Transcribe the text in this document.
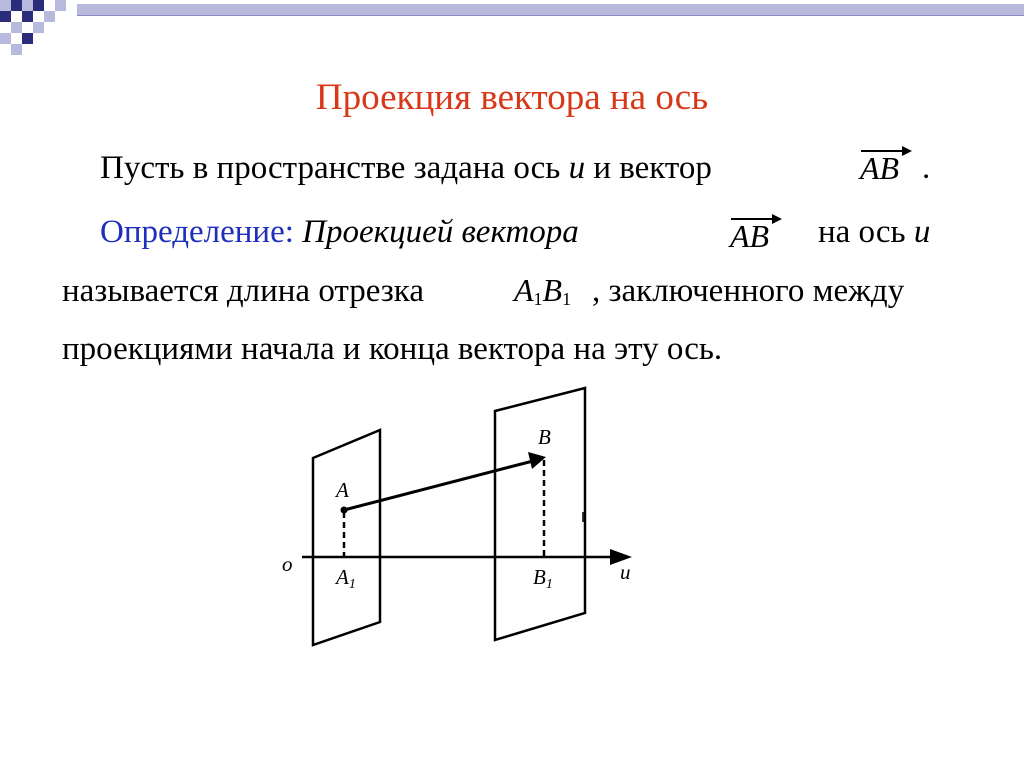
Проекция вектора на ось
Пусть в пространстве задана ось u и вектор	AB .
Определение: Проекцией вектора	AB на ось u
называется длина отрезка	$A_1B_1$ , заключенного между
проекциями начала и конца вектора на эту ось.
o	u
A
B
A1	B1
